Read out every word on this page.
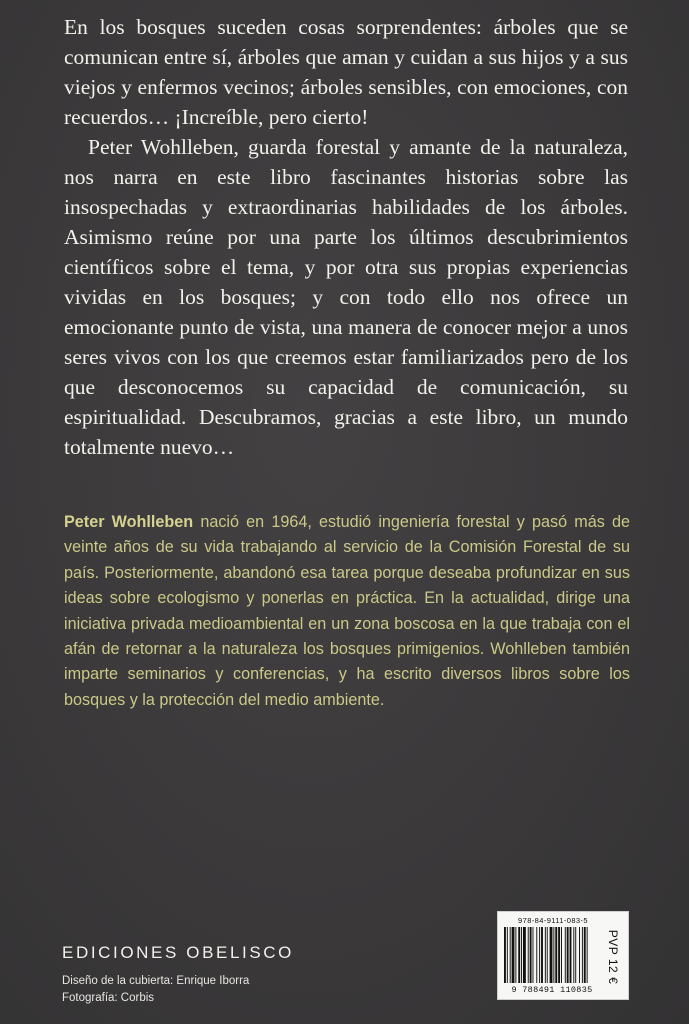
En los bosques suceden cosas sorprendentes: árboles que se comunican entre sí, árboles que aman y cuidan a sus hijos y a sus viejos y enfermos vecinos; árboles sensibles, con emociones, con recuerdos… ¡Increíble, pero cierto!

Peter Wohlleben, guarda forestal y amante de la naturaleza, nos narra en este libro fascinantes historias sobre las insospechadas y extraordinarias habilidades de los árboles. Asimismo reúne por una parte los últimos descubrimientos científicos sobre el tema, y por otra sus propias experiencias vividas en los bosques; y con todo ello nos ofrece un emocionante punto de vista, una manera de conocer mejor a unos seres vivos con los que creemos estar familiarizados pero de los que desconocemos su capacidad de comunicación, su espiritualidad. Descubramos, gracias a este libro, un mundo totalmente nuevo…

Peter Wohlleben nació en 1964, estudió ingeniería forestal y pasó más de veinte años de su vida trabajando al servicio de la Comisión Forestal de su país. Posteriormente, abandonó esa tarea porque deseaba profundizar en sus ideas sobre ecologismo y ponerlas en práctica. En la actualidad, dirige una iniciativa privada medioambiental en un zona boscosa en la que trabaja con el afán de retornar a la naturaleza los bosques primigenios. Wohlleben también imparte seminarios y conferencias, y ha escrito diversos libros sobre los bosques y la protección del medio ambiente.

EDICIONES OBELISCO
Diseño de la cubierta: Enrique Iborra
Fotografía: Corbis
978-84-9111-083-5
9 788491 110835
PVP 12 €
